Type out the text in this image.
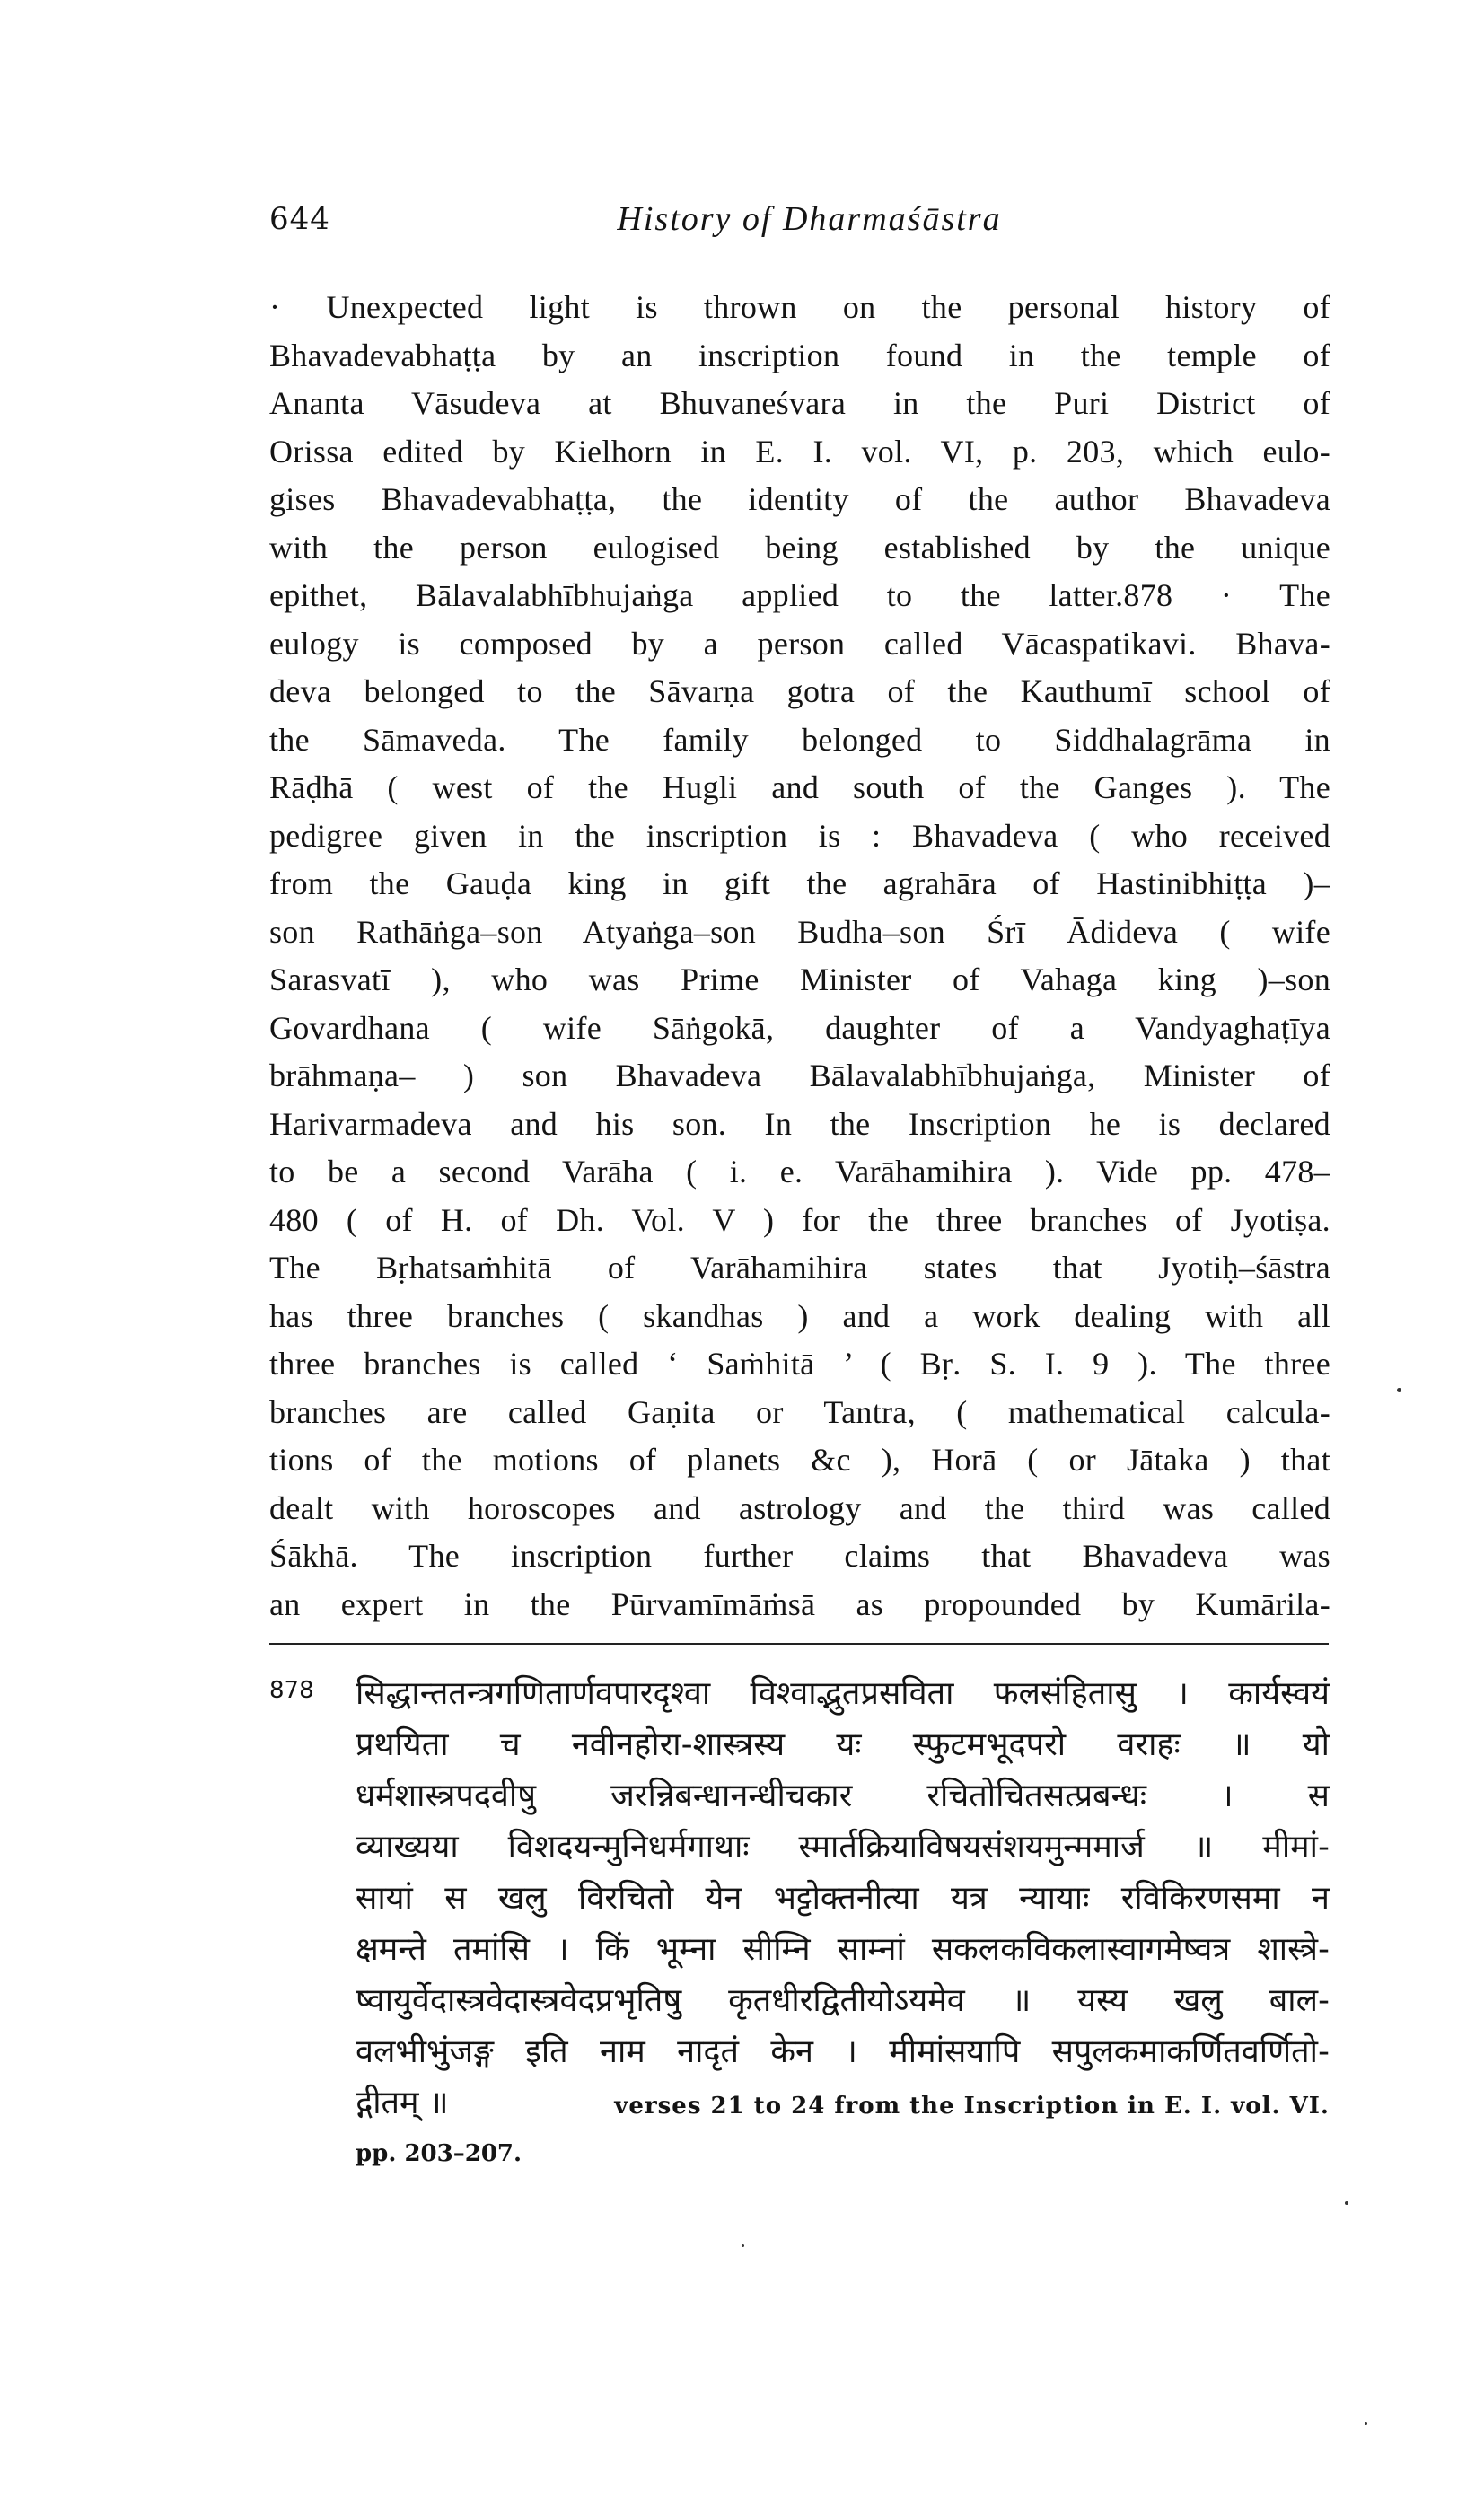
644	History of Dharmaśāstra
· Unexpected light is thrown on the personal history of
Bhavadevabhaṭṭa by an inscription found in the temple of
Ananta Vāsudeva at Bhuvaneśvara in the Puri District of
Orissa edited by Kielhorn in E. I. vol. VI, p. 203, which eulo-
gises Bhavadevabhaṭṭa, the identity of the author Bhavadeva
with the person eulogised being established by the unique
epithet, Bālavalabhībhujaṅga applied to the latter.878 · The
eulogy is composed by a person called Vācaspatikavi. Bhava-
deva belonged to the Sāvarṇa gotra of the Kauthumī school of
the Sāmaveda. The family belonged to Siddhalagrāma in
Rāḍhā ( west of the Hugli and south of the Ganges ). The
pedigree given in the inscription is : Bhavadeva ( who received
from the Gauḍa king in gift the agrahāra of Hastinibhiṭṭa )–
son Rathāṅga–son Atyaṅga–son Budha–son Śrī Ādideva ( wife
Sarasvatī ), who was Prime Minister of Vahaga king )–son
Govardhana ( wife Sāṅgokā, daughter of a Vandyaghaṭīya
brāhmaṇa– ) son Bhavadeva Bālavalabhībhujaṅga, Minister of
Harivarmadeva and his son. In the Inscription he is declared
to be a second Varāha ( i. e. Varāhamihira ). Vide pp. 478–
480 ( of H. of Dh. Vol. V ) for the three branches of Jyotiṣa.
The Bṛhatsaṁhitā of Varāhamihira states that Jyotiḥ–śāstra
has three branches ( skandhas ) and a work dealing with all
three branches is called ‘ Saṁhitā ’ ( Bṛ. S. I. 9 ). The three
branches are called Gaṇita or Tantra, ( mathematical calcula-
tions of the motions of planets &c ), Horā ( or Jātaka ) that
dealt with horoscopes and astrology and the third was called
Śākhā. The inscription further claims that Bhavadeva was
an expert in the Pūrvamīmāṁsā as propounded by Kumārila-
878 सिद्धान्ततन्त्रगणितार्णवपारदृश्वा विश्वाद्भुतप्रसविता फलसंहितासु । कार्यस्वयं
प्रथयिता च नवीनहोरा-शास्त्रस्य यः स्फुटमभूदपरो वराहः ॥ यो
धर्मशास्त्रपदवीषु जरन्निबन्धानन्धीचकार रचितोचितसत्प्रबन्धः । स
व्याख्यया विशदयन्मुनिधर्मगाथाः स्मार्तक्रियाविषयसंशयमुन्ममार्ज ॥ मीमां-
सायां स खलु विरचितो येन भट्टोक्तनीत्या यत्र न्यायाः रविकिरणसमा न
क्षमन्ते तमांसि । किं भूम्ना सीम्नि साम्नां सकलकविकलास्वागमेष्वत्र शास्त्रे-
ष्वायुर्वेदास्त्रवेदास्त्रवेदप्रभृतिषु कृतधीरद्वितीयोऽयमेव ॥ यस्य खलु बाल-
वलभीभुंजङ्ग इति नाम नादृतं केन । मीमांसयापि सपुलकमाकर्णितवर्णितो-
द्गीतम् ॥	verses 21 to 24 from the Inscription in E. I. vol. VI.
pp. 203–207.
